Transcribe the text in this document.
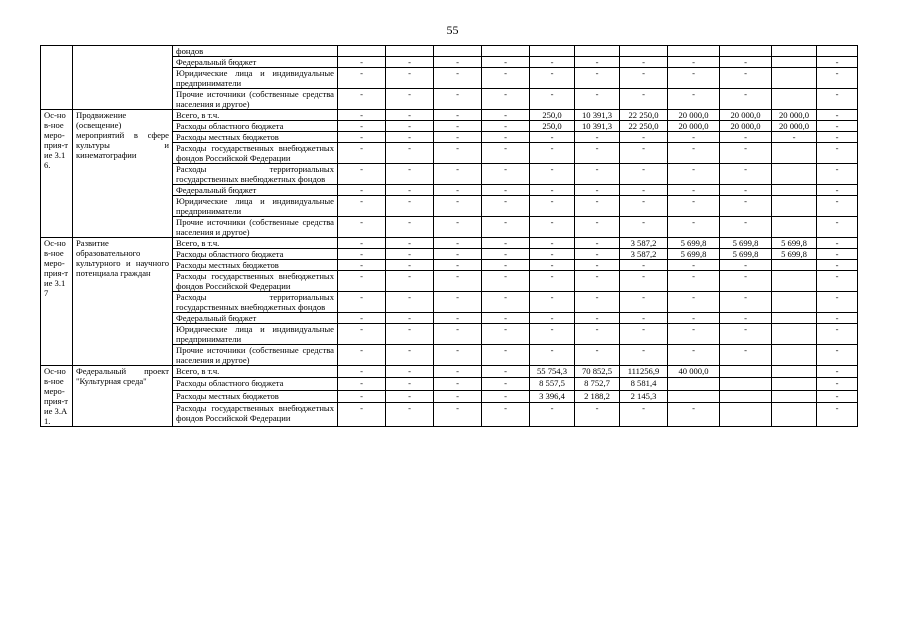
55
		фондов											
		Федеральный бюджет	-	-	-	-	-	-	-	-	-		-
		Юридические лица и индивидуальные предприниматели	-	-	-	-	-	-	-	-	-		-
		Прочие источники (собственные средства населения и другое)	-	-	-	-	-	-	-	-	-		-
Ос-нов-ное меро-прия-тие 3.16.	Продвижение (освещение) мероприятий в сфере культуры и кинематографии	Всего, в т.ч.	-	-	-	-	250,0	10 391,3	22 250,0	20 000,0	20 000,0	20 000,0	-
		Расходы областного бюджета	-	-	-	-	250,0	10 391,3	22 250,0	20 000,0	20 000,0	20 000,0	-
		Расходы местных бюджетов	-	-	-	-	-	-	-	-	-	-	-
		Расходы государственных внебюджетных фондов Российской Федерации	-	-	-	-	-	-	-	-	-		-
		Расходы территориальных государственных внебюджетных фондов	-	-	-	-	-	-	-	-	-		-
		Федеральный бюджет	-	-	-	-	-	-	-	-	-		-
		Юридические лица и индивидуальные предприниматели	-	-	-	-	-	-	-	-	-		-
		Прочие источники (собственные средства населения и другое)	-	-	-	-	-	-	-	-	-		-
Ос-нов-ное меро-прия-тие 3.17	Развитие образовательного культурного и научного потенциала граждан	Всего, в т.ч.	-	-	-	-	-	-	3 587,2	5 699,8	5 699,8	5 699,8	-
		Расходы областного бюджета	-	-	-	-	-	-	3 587,2	5 699,8	5 699,8	5 699,8	-
		Расходы местных бюджетов	-	-	-	-	-	-	-	-	-		-
		Расходы государственных внебюджетных фондов Российской Федерации	-	-	-	-	-	-	-	-	-		-
		Расходы территориальных государственных внебюджетных фондов	-	-	-	-	-	-	-	-	-		-
		Федеральный бюджет	-	-	-	-	-	-	-	-	-		-
		Юридические лица и индивидуальные предприниматели	-	-	-	-	-	-	-	-	-		-
		Прочие источники (собственные средства населения и другое)	-	-	-	-	-	-	-	-	-		-
Ос-нов-ное меро-прия-тие 3.А1.	Федеральный проект "Культурная среда"	Всего, в т.ч.	-	-	-	-	55 754,3	70 852,5	111256,9	40 000,0			-
		Расходы областного бюджета	-	-	-	-	8 557,5	8 752,7	8 581,4				-
		Расходы местных бюджетов	-	-	-	-	3 396,4	2 188,2	2 145,3				-
		Расходы государственных внебюджетных фондов Российской Федерации	-	-	-	-	-	-	-	-			-
